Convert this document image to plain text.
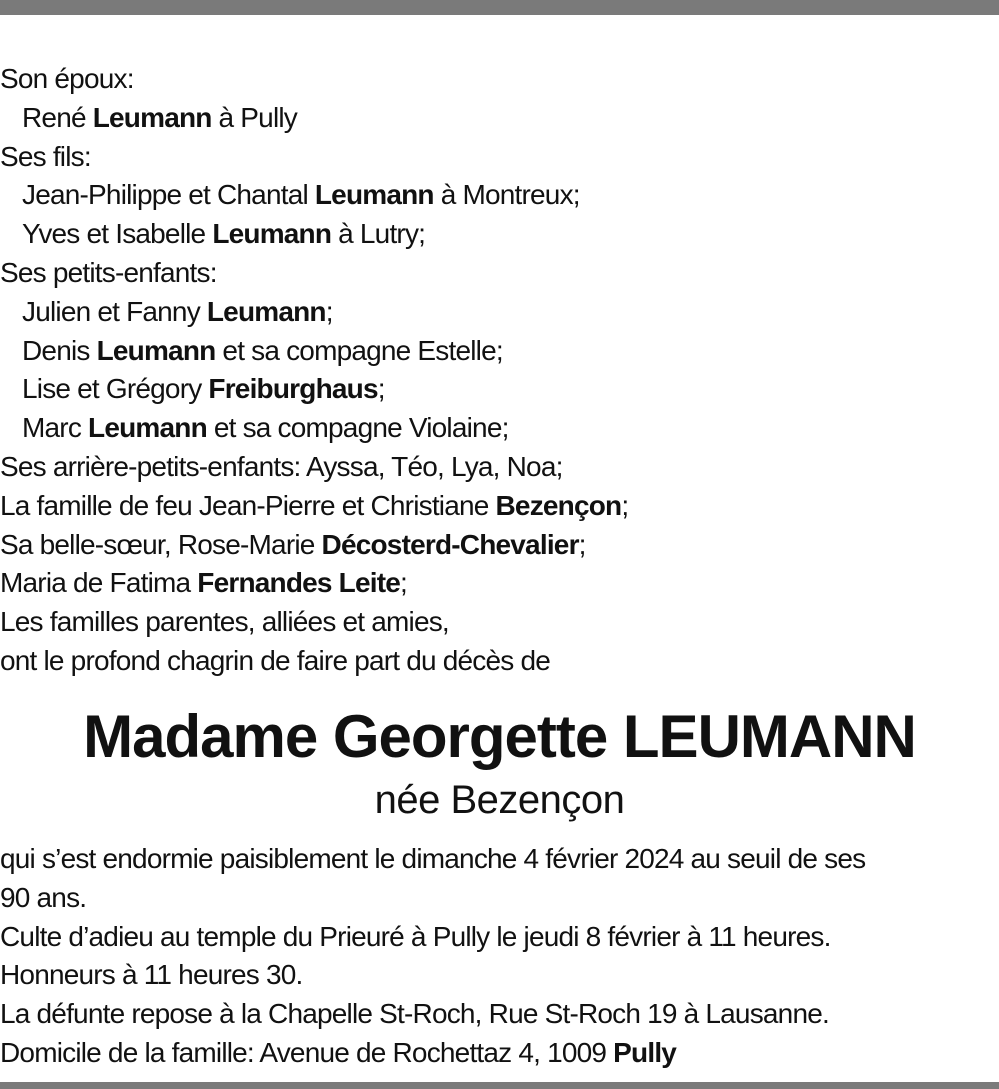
Son époux:
René Leumann à Pully
Ses fils:
Jean-Philippe et Chantal Leumann à Montreux;
Yves et Isabelle Leumann à Lutry;
Ses petits-enfants:
Julien et Fanny Leumann;
Denis Leumann et sa compagne Estelle;
Lise et Grégory Freiburghaus;
Marc Leumann et sa compagne Violaine;
Ses arrière-petits-enfants: Ayssa, Téo, Lya, Noa;
La famille de feu Jean-Pierre et Christiane Bezençon;
Sa belle-sœur, Rose-Marie Décosterd-Chevalier;
Maria de Fatima Fernandes Leite;
Les familles parentes, alliées et amies,
ont le profond chagrin de faire part du décès de
Madame Georgette LEUMANN
née Bezençon
qui s’est endormie paisiblement le dimanche 4 février 2024 au seuil de ses
90 ans.
Culte d’adieu au temple du Prieuré à Pully le jeudi 8 février à 11 heures.
Honneurs à 11 heures 30.
La défunte repose à la Chapelle St-Roch, Rue St-Roch 19 à Lausanne.
Domicile de la famille: Avenue de Rochettaz 4, 1009 Pully
